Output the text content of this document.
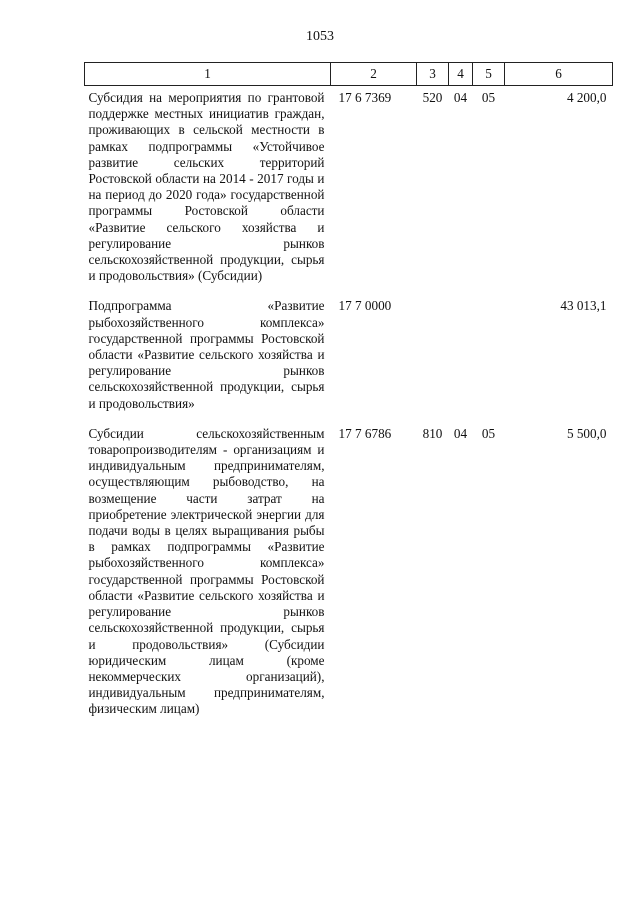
1053
1	2	3	4	5	6
Субсидия на мероприятия по грантовой поддержке местных инициатив граждан, проживающих в сельской местности в рамках подпрограммы «Устойчивое развитие сельских территорий Ростовской области на 2014 - 2017 годы и на период до 2020 года» государственной программы Ростовской области «Развитие сельского хозяйства и регулирование рынков сельскохозяйственной продукции, сырья и продовольствия» (Субсидии)	17 6 7369	520	04	05	4 200,0
Подпрограмма «Развитие рыбохозяйственного комплекса» государственной программы Ростовской области «Развитие сельского хозяйства и регулирование рынков сельскохозяйственной продукции, сырья и продовольствия»	17 7 0000				43 013,1
Субсидии сельскохозяйственным товаропроизводителям - организациям и индивидуальным предпринимателям, осуществляющим рыбоводство, на возмещение части затрат на приобретение электрической энергии для подачи воды в целях выращивания рыбы в рамках подпрограммы «Развитие рыбохозяйственного комплекса» государственной программы Ростовской области «Развитие сельского хозяйства и регулирование рынков сельскохозяйственной продукции, сырья и продовольствия» (Субсидии юридическим лицам (кроме некоммерческих организаций), индивидуальным предпринимателям, физическим лицам)	17 7 6786	810	04	05	5 500,0
